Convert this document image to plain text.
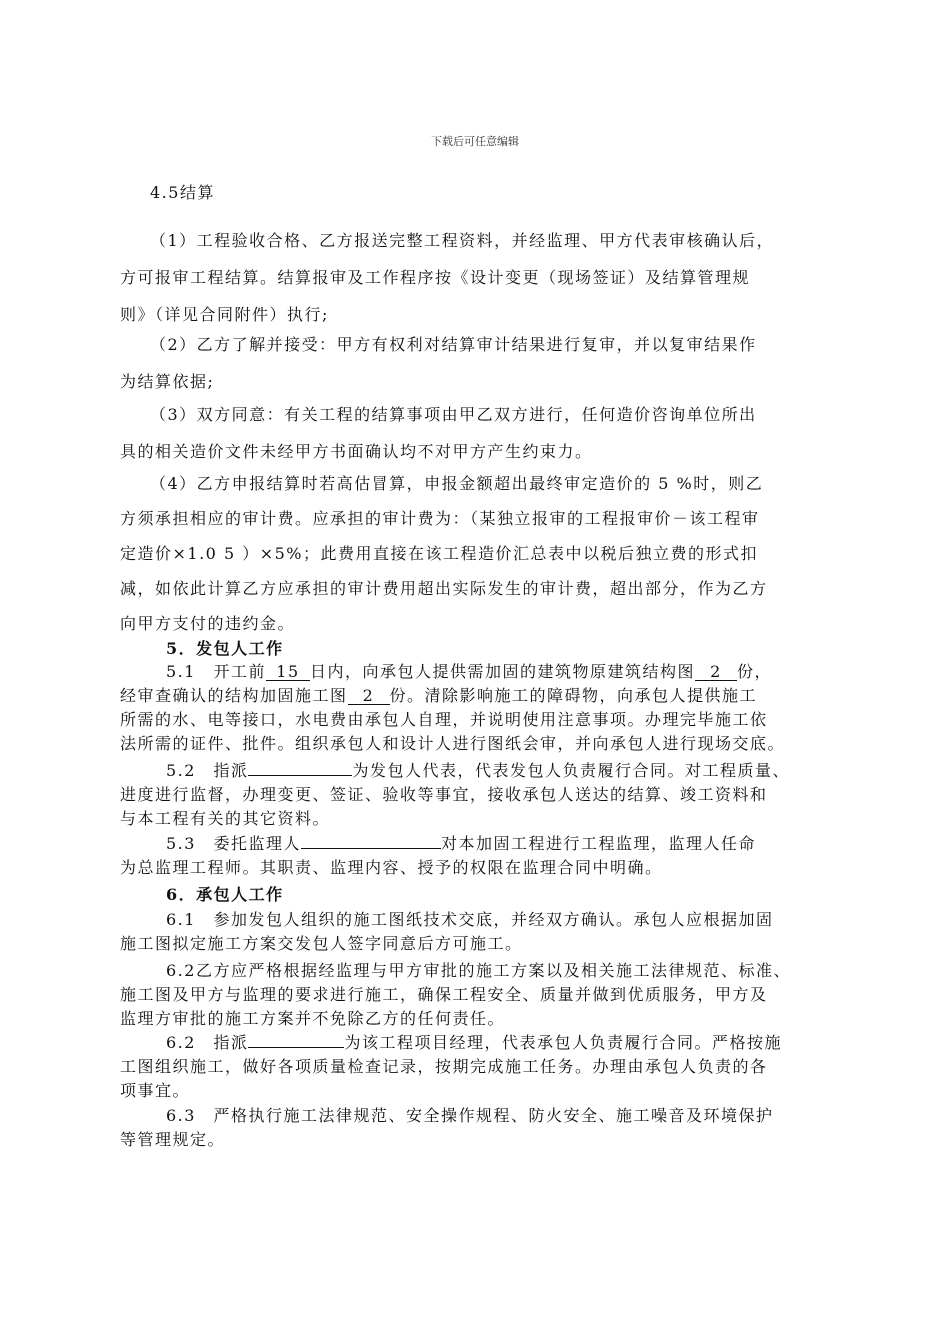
下载后可任意编辑
4.5结算
（1）工程验收合格、乙方报送完整工程资料，并经监理、甲方代表审核确认后，
方可报审工程结算。结算报审及工作程序按《设计变更（现场签证）及结算管理规
则》（详见合同附件）执行;
（2）乙方了解并接受：甲方有权利对结算审计结果进行复审，并以复审结果作
为结算依据;
（3）双方同意：有关工程的结算事项由甲乙双方进行，任何造价咨询单位所出
具的相关造价文件未经甲方书面确认均不对甲方产生约束力。
（4）乙方申报结算时若高估冒算，申报金额超出最终审定造价的 5 %时，则乙
方须承担相应的审计费。应承担的审计费为：（某独立报审的工程报审价－该工程审
定造价×1.0 5 ）×5%；此费用直接在该工程造价汇总表中以税后独立费的形式扣
减，如依此计算乙方应承担的审计费用超出实际发生的审计费，超出部分，作为乙方
向甲方支付的违约金。
5．发包人工作
5.1　开工前 15 日内，向承包人提供需加固的建筑物原建筑结构图 2 份，
经审查确认的结构加固施工图 2 份。清除影响施工的障碍物，向承包人提供施工
所需的水、电等接口，水电费由承包人自理，并说明使用注意事项。办理完毕施工依
法所需的证件、批件。组织承包人和设计人进行图纸会审，并向承包人进行现场交底。
5.2　指派	为发包人代表，代表发包人负责履行合同。对工程质量、
进度进行监督，办理变更、签证、验收等事宜，接收承包人送达的结算、竣工资料和
与本工程有关的其它资料。
5.3　委托监理人	对本加固工程进行工程监理，监理人任命
为总监理工程师。其职责、监理内容、授予的权限在监理合同中明确。
6．承包人工作
6.1　参加发包人组织的施工图纸技术交底，并经双方确认。承包人应根据加固
施工图拟定施工方案交发包人签字同意后方可施工。
6.2乙方应严格根据经监理与甲方审批的施工方案以及相关施工法律规范、标准、
施工图及甲方与监理的要求进行施工，确保工程安全、质量并做到优质服务，甲方及
监理方审批的施工方案并不免除乙方的任何责任。
6.2　指派	为该工程项目经理，代表承包人负责履行合同。严格按施
工图组织施工，做好各项质量检查记录，按期完成施工任务。办理由承包人负责的各
项事宜。
6.3　严格执行施工法律规范、安全操作规程、防火安全、施工噪音及环境保护
等管理规定。
